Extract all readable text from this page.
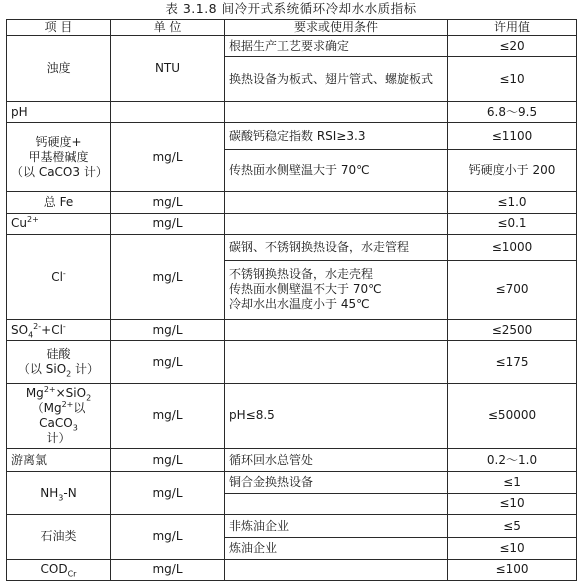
表 3.1.8 间冷开式系统循环冷却水水质指标
项 目	单 位	要求或使用条件	许用值
浊度	NTU	根据生产工艺要求确定	≤20
		换热设备为板式、翅片管式、螺旋板式	≤10
pH			6.8～9.5
钙硬度+
甲基橙碱度
（以 CaCO3 计）	mg/L	碳酸钙稳定指数 RSI≥3.3	≤1100
		传热面水侧壁温大于 70℃	钙硬度小于 200
总 Fe	mg/L		≤1.0
$Cu^{2+}$	mg/L		≤0.1
Cl-	mg/L	碳钢、不锈钢换热设备，水走管程	≤1000
		不锈钢换热设备，水走壳程
传热面水侧壁温不大于 70℃
冷却水出水温度小于 45℃	≤700
$SO_4^{2-}+Cl^-$	mg/L		≤2500
硅酸
（以 SiO$_2$ 计）	mg/L		≤175
$Mg^{2+}\times SiO_2$
（$Mg^{2+}$以 CaCO$_3$
计）	mg/L	pH≤8.5	≤50000
游离氯	mg/L	循环回水总管处	0.2～1.0
$NH_3-N$	mg/L	铜合金换热设备	≤1
			≤10
石油类	mg/L	非炼油企业	≤5
		炼油企业	≤10
$COD_{Cr}$	mg/L		≤100
